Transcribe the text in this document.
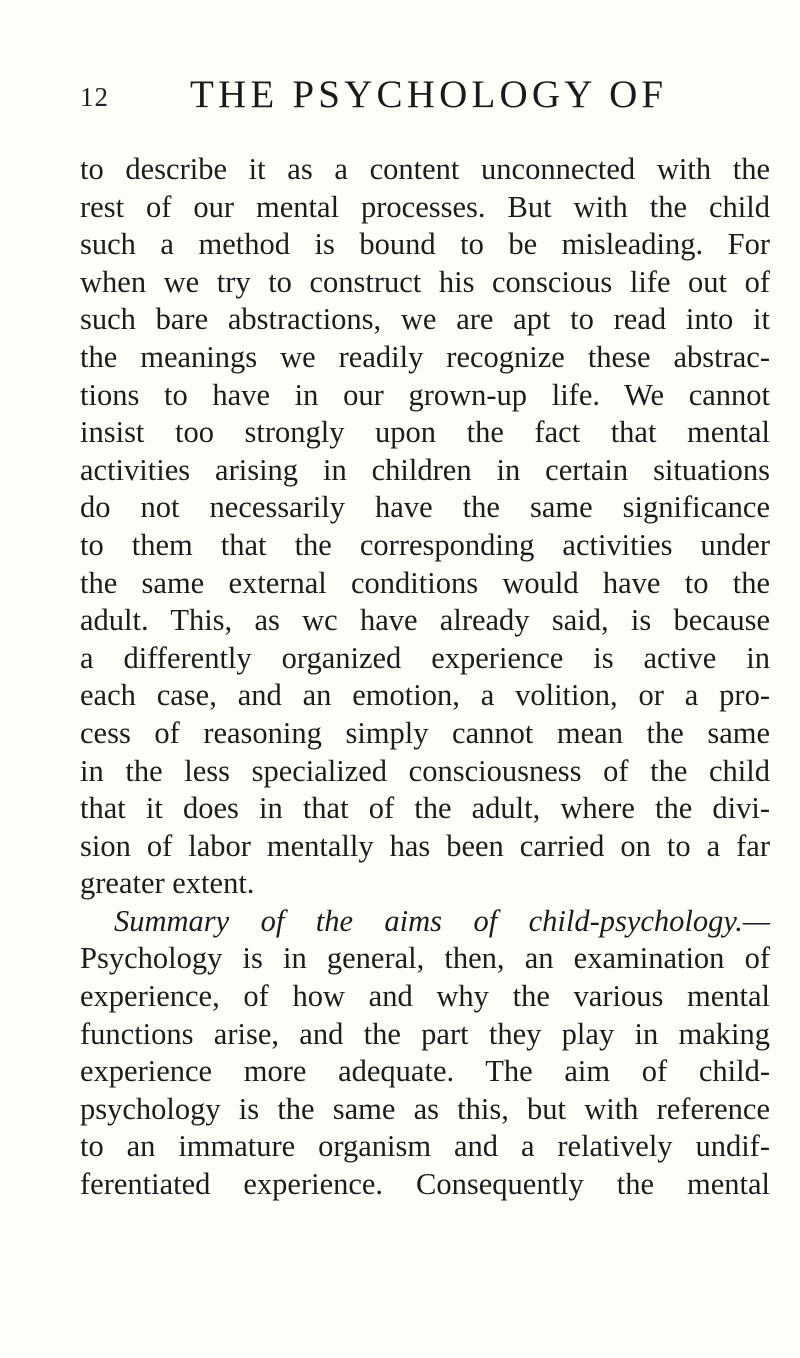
12 THE PSYCHOLOGY OF
to describe it as a content unconnected with the
rest of our mental processes. But with the child
such a method is bound to be misleading. For
when we try to construct his conscious life out of
such bare abstractions, we are apt to read into it
the meanings we readily recognize these abstrac-
tions to have in our grown-up life. We cannot
insist too strongly upon the fact that mental
activities arising in children in certain situations
do not necessarily have the same significance
to them that the corresponding activities under
the same external conditions would have to the
adult. This, as wc have already said, is because
a differently organized experience is active in
each case, and an emotion, a volition, or a pro-
cess of reasoning simply cannot mean the same
in the less specialized consciousness of the child
that it does in that of the adult, where the divi-
sion of labor mentally has been carried on to a far
greater extent.
Summary of the aims of child-psychology.—
Psychology is in general, then, an examination of
experience, of how and why the various mental
functions arise, and the part they play in making
experience more adequate. The aim of child-
psychology is the same as this, but with reference
to an immature organism and a relatively undif-
ferentiated experience. Consequently the mental
